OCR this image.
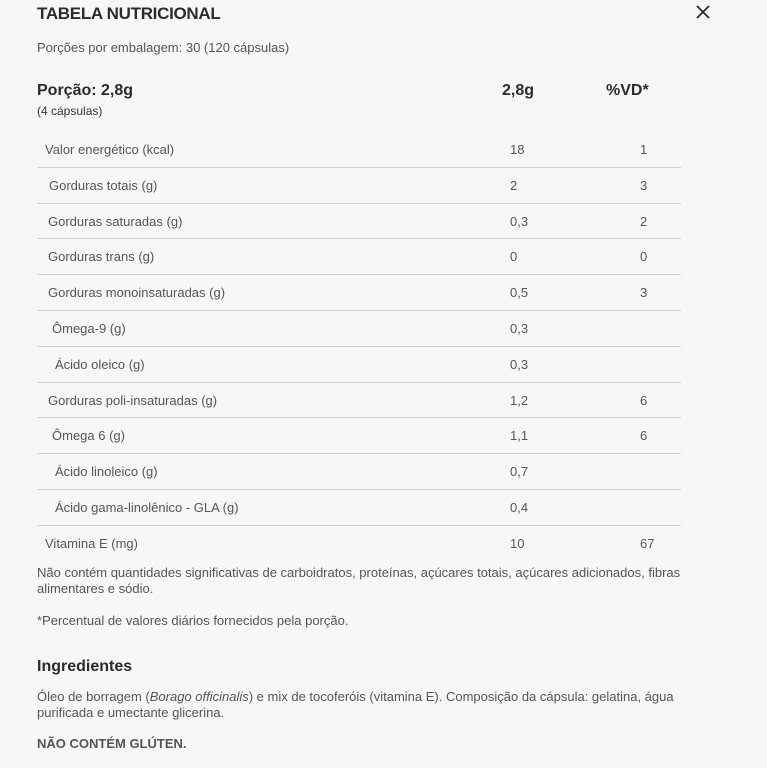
TABELA NUTRICIONAL
Porções por embalagem: 30 (120 cápsulas)
Porção: 2,8g
(4 cápsulas)
2,8g	%VD*
Valor energético (kcal)	18	1
Gorduras totais (g)	2	3
Gorduras saturadas (g)	0,3	2
Gorduras trans (g)	0	0
Gorduras monoinsaturadas (g)	0,5	3
Ômega-9 (g)	0,3
Ácido oleico (g)	0,3
Gorduras poli-insaturadas (g)	1,2	6
Ômega 6 (g)	1,1	6
Ácido linoleico (g)	0,7
Ácido gama-linolênico - GLA (g)	0,4
Vitamina E (mg)	10	67
Não contém quantidades significativas de carboidratos, proteínas, açúcares totais, açúcares adicionados, fibras alimentares e sódio.
*Percentual de valores diários fornecidos pela porção.
Ingredientes
Óleo de borragem (Borago officinalis) e mix de tocoferóis (vitamina E). Composição da cápsula: gelatina, água purificada e umectante glicerina.
NÃO CONTÉM GLÚTEN.
